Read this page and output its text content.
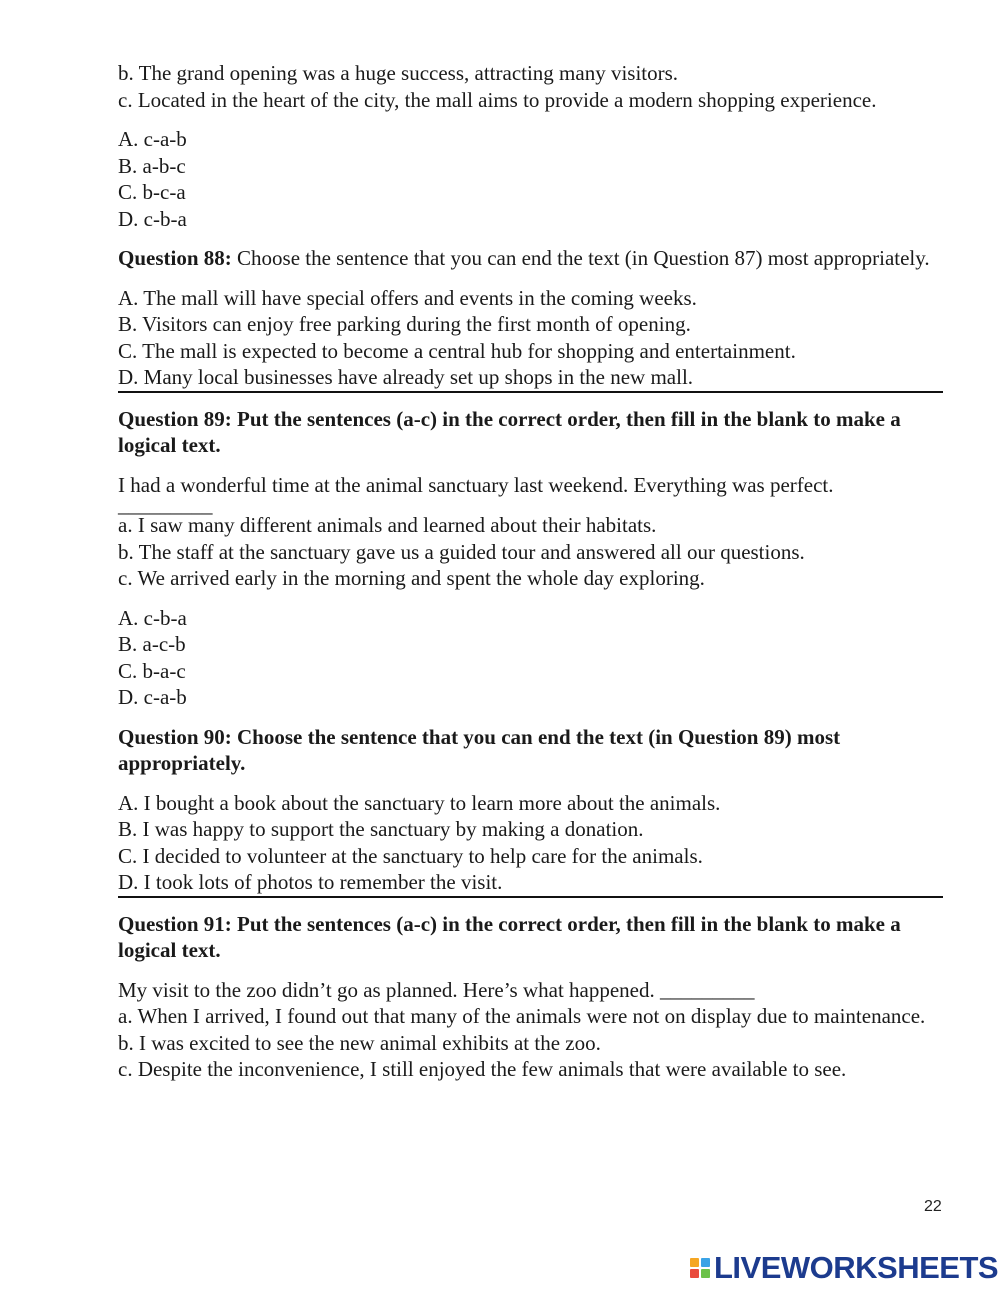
b. The grand opening was a huge success, attracting many visitors.
c. Located in the heart of the city, the mall aims to provide a modern shopping experience.
A. c-a-b
B. a-b-c
C. b-c-a
D. c-b-a
Question 88: Choose the sentence that you can end the text (in Question 87) most appropriately.
A. The mall will have special offers and events in the coming weeks.
B. Visitors can enjoy free parking during the first month of opening.
C. The mall is expected to become a central hub for shopping and entertainment.
D. Many local businesses have already set up shops in the new mall.
Question 89: Put the sentences (a-c) in the correct order, then fill in the blank to make a logical text.
I had a wonderful time at the animal sanctuary last weekend. Everything was perfect.
_________
a. I saw many different animals and learned about their habitats.
b. The staff at the sanctuary gave us a guided tour and answered all our questions.
c. We arrived early in the morning and spent the whole day exploring.
A. c-b-a
B. a-c-b
C. b-a-c
D. c-a-b
Question 90: Choose the sentence that you can end the text (in Question 89) most appropriately.
A. I bought a book about the sanctuary to learn more about the animals.
B. I was happy to support the sanctuary by making a donation.
C. I decided to volunteer at the sanctuary to help care for the animals.
D. I took lots of photos to remember the visit.
Question 91: Put the sentences (a-c) in the correct order, then fill in the blank to make a logical text.
My visit to the zoo didn’t go as planned. Here’s what happened. _________
a. When I arrived, I found out that many of the animals were not on display due to maintenance.
b. I was excited to see the new animal exhibits at the zoo.
c. Despite the inconvenience, I still enjoyed the few animals that were available to see.
22
LIVEWORKSHEETS
